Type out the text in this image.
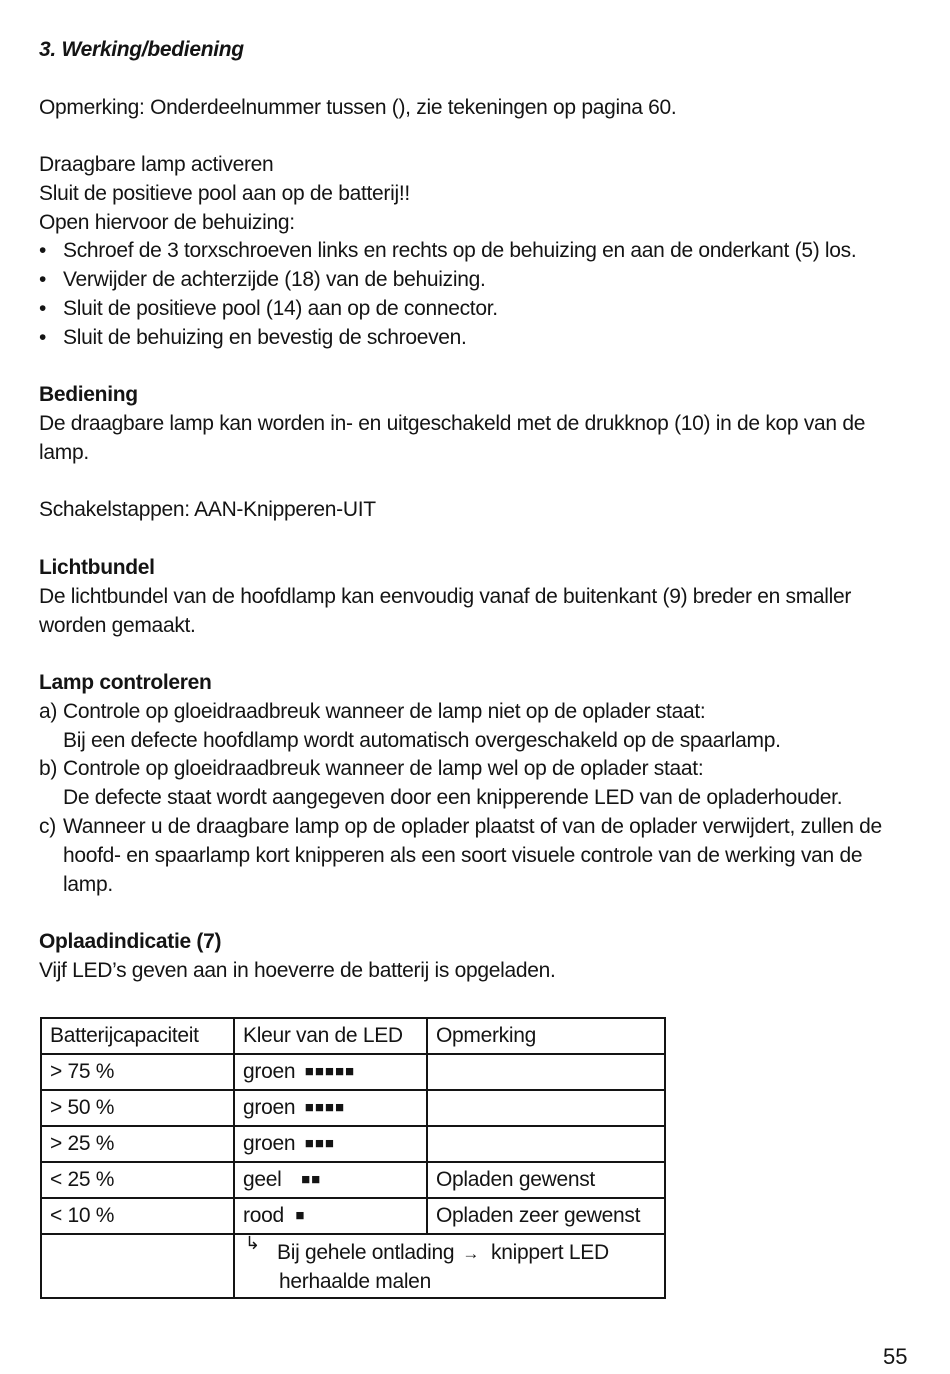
3. Werking/bediening
Opmerking: Onderdeelnummer tussen (), zie tekeningen op pagina 60.
Draagbare lamp activeren
Sluit de positieve pool aan op de batterij!!
Open hiervoor de behuizing:
• Schroef de 3 torxschroeven links en rechts op de behuizing en aan de onderkant (5) los.
• Verwijder de achterzijde (18) van de behuizing.
• Sluit de positieve pool (14) aan op de connector.
• Sluit de behuizing en bevestig de schroeven.
Bediening
De draagbare lamp kan worden in- en uitgeschakeld met de drukknop (10) in de kop van de
lamp.
Schakelstappen: AAN-Knipperen-UIT
Lichtbundel
De lichtbundel van de hoofdlamp kan eenvoudig vanaf de buitenkant (9) breder en smaller
worden gemaakt.
Lamp controleren
a) Controle op gloeidraadbreuk wanneer de lamp niet op de oplader staat:
Bij een defecte hoofdlamp wordt automatisch overgeschakeld op de spaarlamp.
b) Controle op gloeidraadbreuk wanneer de lamp wel op de oplader staat:
De defecte staat wordt aangegeven door een knipperende LED van de opladerhouder.
c) Wanneer u de draagbare lamp op de oplader plaatst of van de oplader verwijdert, zullen de
hoofd- en spaarlamp kort knipperen als een soort visuele controle van de werking van de
lamp.
Oplaadindicatie (7)
Vijf LED’s geven aan in hoeverre de batterij is opgeladen.
Batterijcapaciteit	Kleur van de LED	Opmerking
> 75 %	groen ■■■■■	
> 50 %	groen ■■■■	
> 25 %	groen ■■■	
< 25 %	geel ■■	Opladen gewenst
< 10 %	rood ■	Opladen zeer gewenst

	↳ Bij gehele ontlading → knippert LED
herhaalde malen	
55
